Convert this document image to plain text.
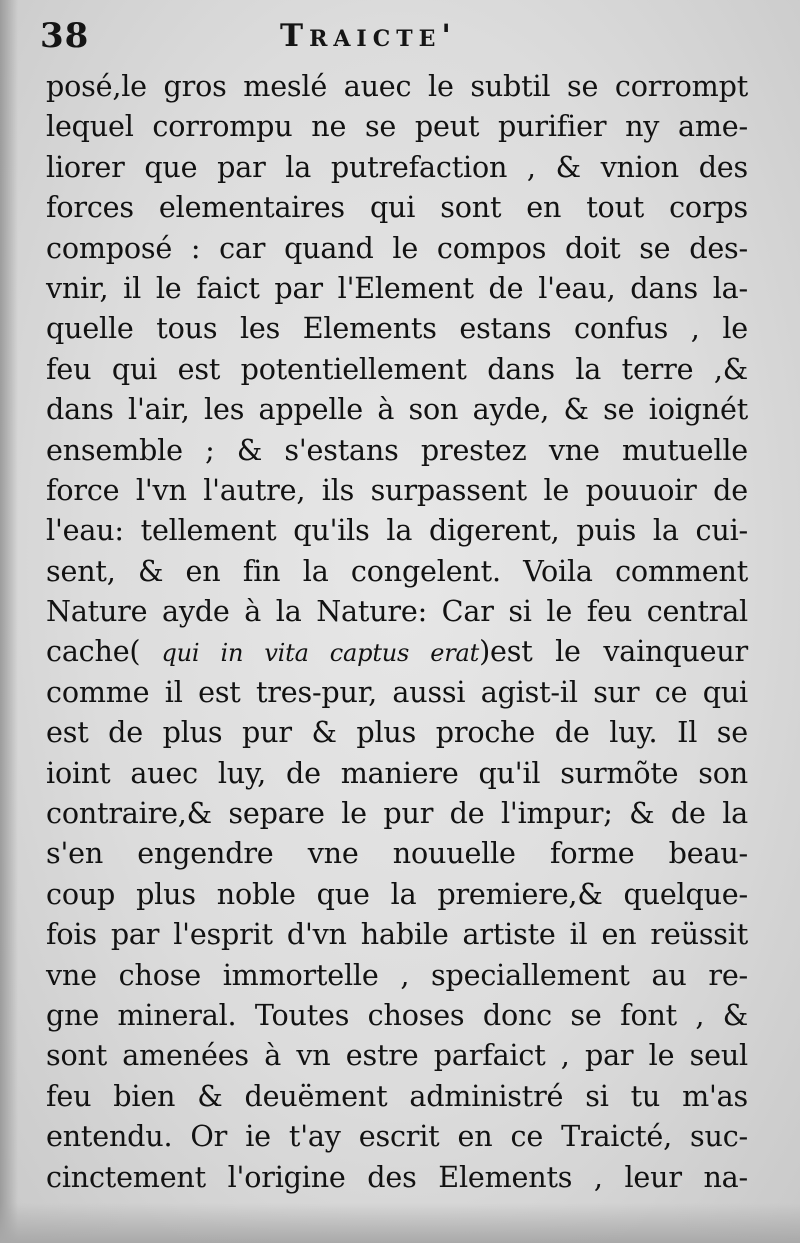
38	Traicte'
posé,le gros meslé auec le subtil se corrompt
lequel corrompu ne se peut purifier ny ame-
liorer que par la putrefaction , & vnion des
forces elementaires qui sont en tout corps
composé : car quand le compos doit se des-
vnir, il le faict par l'Element de l'eau, dans la-
quelle tous les Elements estans confus , le
feu qui est potentiellement dans la terre ,&
dans l'air, les appelle à son ayde, & se ioignét
ensemble ; & s'estans prestez vne mutuelle
force l'vn l'autre, ils surpassent le pouuoir de
l'eau: tellement qu'ils la digerent, puis la cui-
sent, & en fin la congelent. Voila comment
Nature ayde à la Nature: Car si le feu central
cache( qui in vita captus erat)est le vainqueur
comme il est tres-pur, aussi agist-il sur ce qui
est de plus pur & plus proche de luy. Il se
ioint auec luy, de maniere qu'il surmõte son
contraire,& separe le pur de l'impur; & de la
s'en engendre vne nouuelle forme beau-
coup plus noble que la premiere,& quelque-
fois par l'esprit d'vn habile artiste il en reüssit
vne chose immortelle , speciallement au re-
gne mineral. Toutes choses donc se font , &
sont amenées à vn estre parfaict , par le seul
feu bien & deuëment administré si tu m'as
entendu. Or ie t'ay escrit en ce Traicté, suc-
cinctement l'origine des Elements , leur na-
